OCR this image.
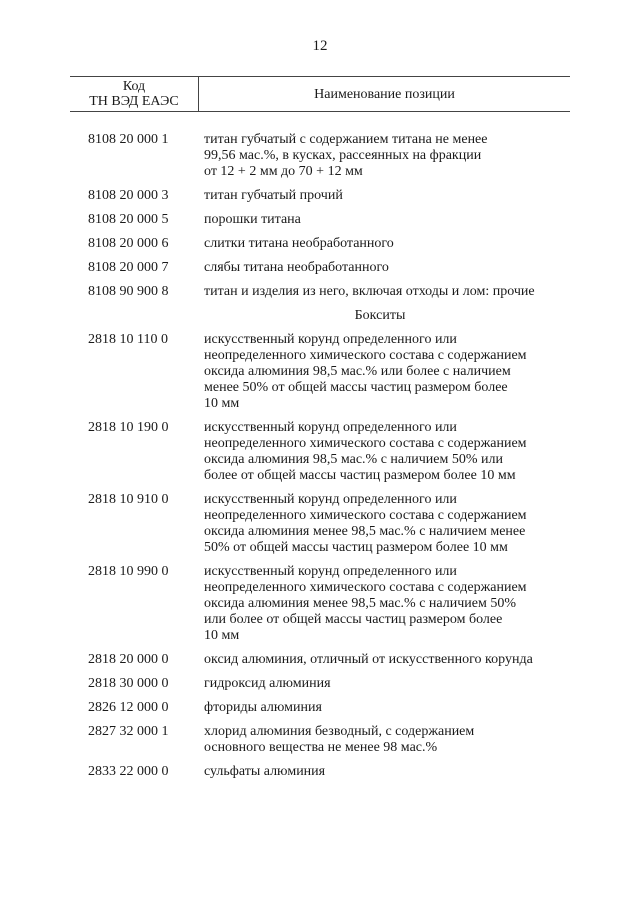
12
Код
ТН ВЭД ЕАЭС	Наименование позиции
8108 20 000 1	титан губчатый с содержанием титана не менее
99,56 мас.%, в кусках, рассеянных на фракции
от 12 + 2 мм до 70 + 12 мм
8108 20 000 3	титан губчатый прочий
8108 20 000 5	порошки титана
8108 20 000 6	слитки титана необработанного
8108 20 000 7	слябы титана необработанного
8108 90 900 8	титан и изделия из него, включая отходы и лом: прочие
Бокситы
2818 10 110 0	искусственный корунд определенного или
неопределенного химического состава с содержанием
оксида алюминия 98,5 мас.% или более с наличием
менее 50% от общей массы частиц размером более
10 мм
2818 10 190 0	искусственный корунд определенного или
неопределенного химического состава с содержанием
оксида алюминия 98,5 мас.% с наличием 50% или
более от общей массы частиц размером более 10 мм
2818 10 910 0	искусственный корунд определенного или
неопределенного химического состава с содержанием
оксида алюминия менее 98,5 мас.% с наличием менее
50% от общей массы частиц размером более 10 мм
2818 10 990 0	искусственный корунд определенного или
неопределенного химического состава с содержанием
оксида алюминия менее 98,5 мас.% с наличием 50%
или более от общей массы частиц размером более
10 мм
2818 20 000 0	оксид алюминия, отличный от искусственного корунда
2818 30 000 0	гидроксид алюминия
2826 12 000 0	фториды алюминия
2827 32 000 1	хлорид алюминия безводный, с содержанием
основного вещества не менее 98 мас.%
2833 22 000 0	сульфаты алюминия
